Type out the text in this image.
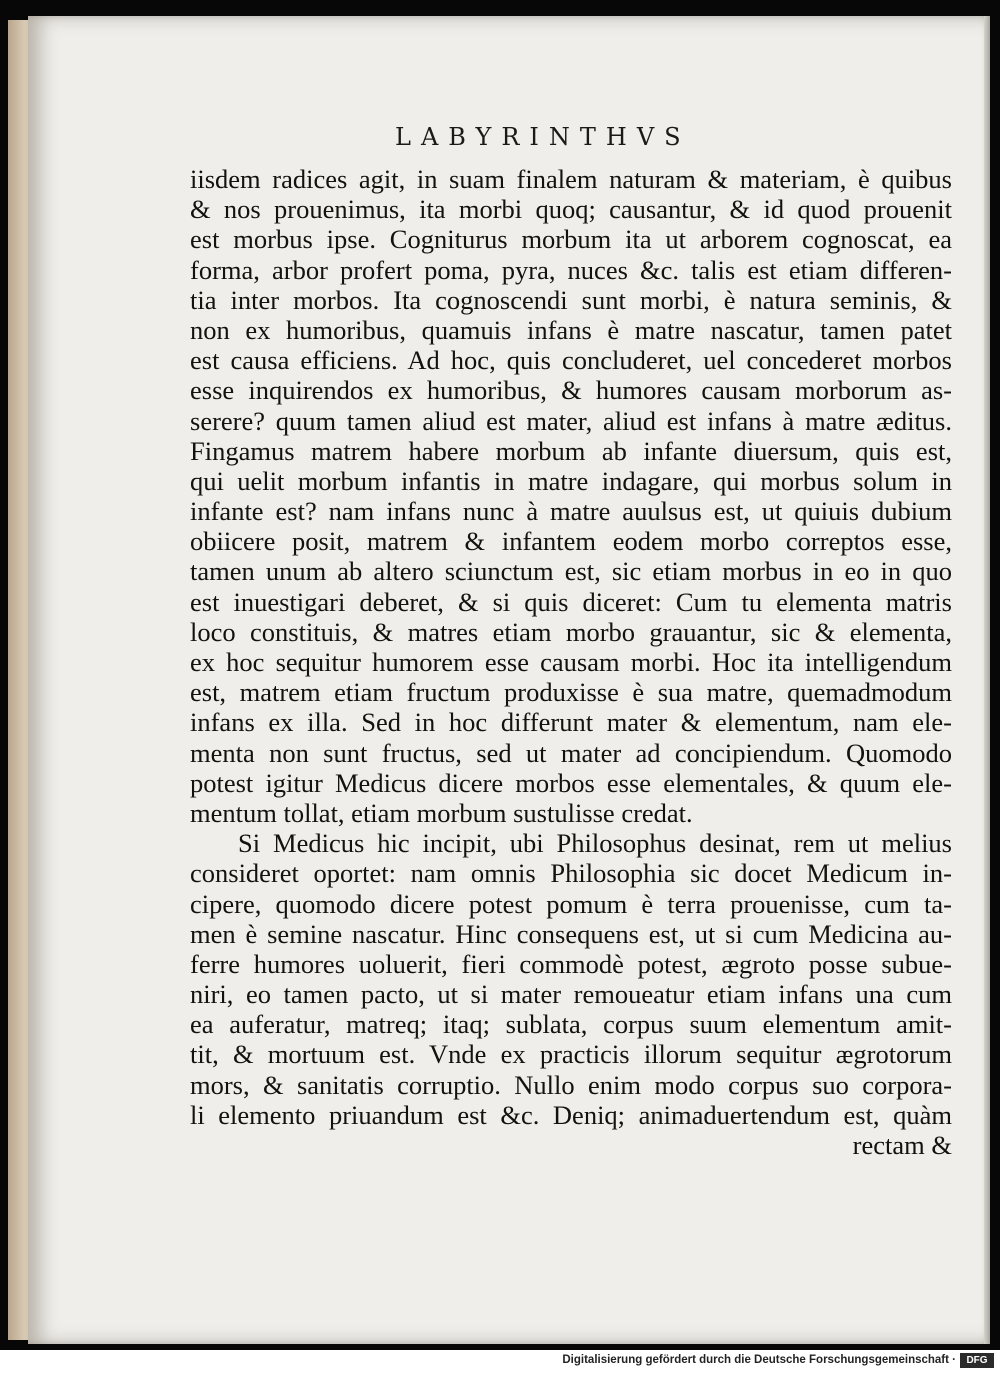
LABYRINTHVS
iisdem radices agit, in suam finalem naturam & materiam, è quibus
& nos prouenimus, ita morbi quoq; causantur, & id quod prouenit
est morbus ipse. Cogniturus morbum ita ut arborem cognoscat, ea
forma, arbor profert poma, pyra, nuces &c. talis est etiam differen-
tia inter morbos. Ita cognoscendi sunt morbi, è natura seminis, &
non ex humoribus, quamuis infans è matre nascatur, tamen patet
est causa efficiens. Ad hoc, quis concluderet, uel concederet morbos
esse inquirendos ex humoribus, & humores causam morborum as-
serere? quum tamen aliud est mater, aliud est infans à matre æditus.
Fingamus matrem habere morbum ab infante diuersum, quis est,
qui uelit morbum infantis in matre indagare, qui morbus solum in
infante est? nam infans nunc à matre auulsus est, ut quiuis dubium
obiicere posit, matrem & infantem eodem morbo correptos esse,
tamen unum ab altero sciunctum est, sic etiam morbus in eo in quo
est inuestigari deberet, & si quis diceret: Cum tu elementa matris
loco constituis, & matres etiam morbo grauantur, sic & elementa,
ex hoc sequitur humorem esse causam morbi. Hoc ita intelligendum
est, matrem etiam fructum produxisse è sua matre, quemadmodum
infans ex illa. Sed in hoc differunt mater & elementum, nam ele-
menta non sunt fructus, sed ut mater ad concipiendum. Quomodo
potest igitur Medicus dicere morbos esse elementales, & quum ele-
mentum tollat, etiam morbum sustulisse credat.
Si Medicus hic incipit, ubi Philosophus desinat, rem ut melius
consideret oportet: nam omnis Philosophia sic docet Medicum in-
cipere, quomodo dicere potest pomum è terra prouenisse, cum ta-
men è semine nascatur. Hinc consequens est, ut si cum Medicina au-
ferre humores uoluerit, fieri commodè potest, ægroto posse subue-
niri, eo tamen pacto, ut si mater remoueatur etiam infans una cum
ea auferatur, matreq; itaq; sublata, corpus suum elementum amit-
tit, & mortuum est. Vnde ex practicis illorum sequitur ægrotorum
mors, & sanitatis corruptio. Nullo enim modo corpus suo corpora-
li elemento priuandum est &c. Deniq; animaduertendum est, quàm
rectam &
Digitalisierung gefördert durch die Deutsche Forschungsgemeinschaft ·	DFG
